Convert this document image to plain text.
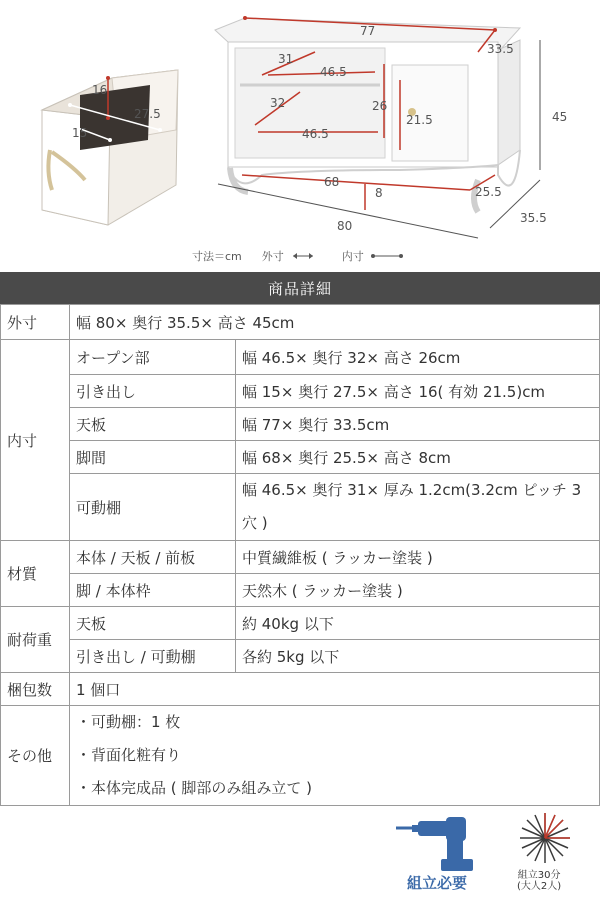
16
27.5
15
77
33.5
31
46.5
32	26
21.5
46.5
45
68
8	25.5
80
35.5
寸法＝cm 外寸	内寸
商品詳細
外寸	幅 80× 奥行 35.5× 高さ 45cm	
内寸	オープン部	幅 46.5× 奥行 32× 高さ 26cm
	引き出し	幅 15× 奥行 27.5× 高さ 16( 有効 21.5)cm
	天板	幅 77× 奥行 33.5cm
	脚間	幅 68× 奥行 25.5× 高さ 8cm
	可動棚	幅 46.5× 奥行 31× 厚み 1.2cm(3.2cm ピッチ 3 穴 )
材質	本体 / 天板 / 前板	中質繊維板 ( ラッカー塗装 )
	脚 / 本体枠	天然木 ( ラッカー塗装 )
耐荷重	天板	約 40kg 以下
	引き出し / 可動棚	各約 5kg 以下
梱包数	1 個口	
その他	・可動棚：1 枚
・背面化粧有り
・本体完成品 ( 脚部のみ組み立て )	
組立必要	組立30分
(大人2人)
